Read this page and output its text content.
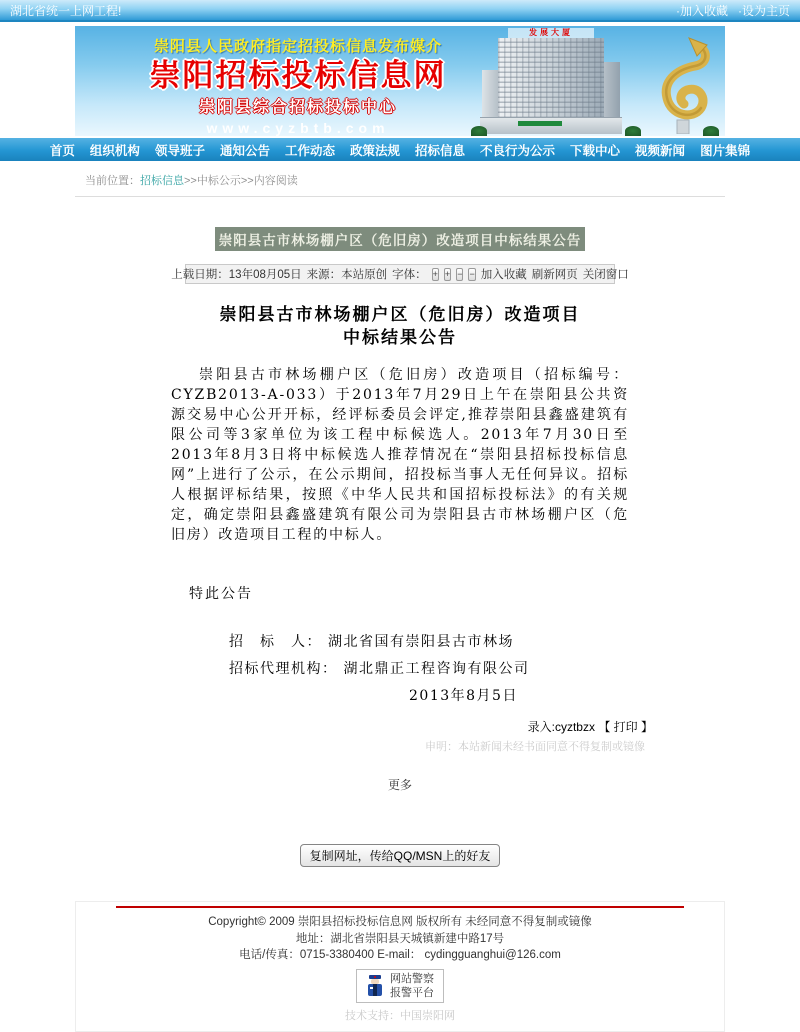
湖北省统一上网工程!	·加入收藏 ·设为主页
崇阳县人民政府指定招投标信息发布媒介
崇阳招标投标信息网
崇阳县综合招标投标中心
www.cyzbtb.com
发展大厦
首页 组织机构 领导班子 通知公告 工作动态 政策法规 招标信息 不良行为公示 下载中心 视频新闻 图片集锦
当前位置：招标信息>>中标公示>>内容阅读
崇阳县古市林场棚户区（危旧房）改造项目中标结果公告
上载日期：13年08月05日 来源：本站原创 字体： + + − − 加入收藏 刷新网页 关闭窗口
崇阳县古市林场棚户区（危旧房）改造项目
中标结果公告
崇阳县古市林场棚户区（危旧房）改造项目（招标编号：CYZB2013-A-033）于2013年7月29日上午在崇阳县公共资源交易中心公开开标，经评标委员会评定,推荐崇阳县鑫盛建筑有限公司等3家单位为该工程中标候选人。2013年7月30日至2013年8月3日将中标候选人推荐情况在“崇阳县招标投标信息网”上进行了公示，在公示期间，招投标当事人无任何异议。招标人根据评标结果，按照《中华人民共和国招标投标法》的有关规定，确定崇阳县鑫盛建筑有限公司为崇阳县古市林场棚户区（危旧房）改造项目工程的中标人。
特此公告
招　标　人： 湖北省国有崇阳县古市林场
招标代理机构： 湖北鼎正工程咨询有限公司
2013年8月5日
录入:cyztbzx 【 打印 】
申明：本站新闻未经书面同意不得复制或镜像
更多
复制网址，传给QQ/MSN上的好友
Copyright© 2009 崇阳县招标投标信息网 版权所有 未经同意不得复制或镜像
地址：湖北省崇阳县天城镇新建中路17号
电话/传真：0715-3380400 E-mail： cydingguanghui@126.com
网站警察
报警平台
技术支持：中国崇阳网
